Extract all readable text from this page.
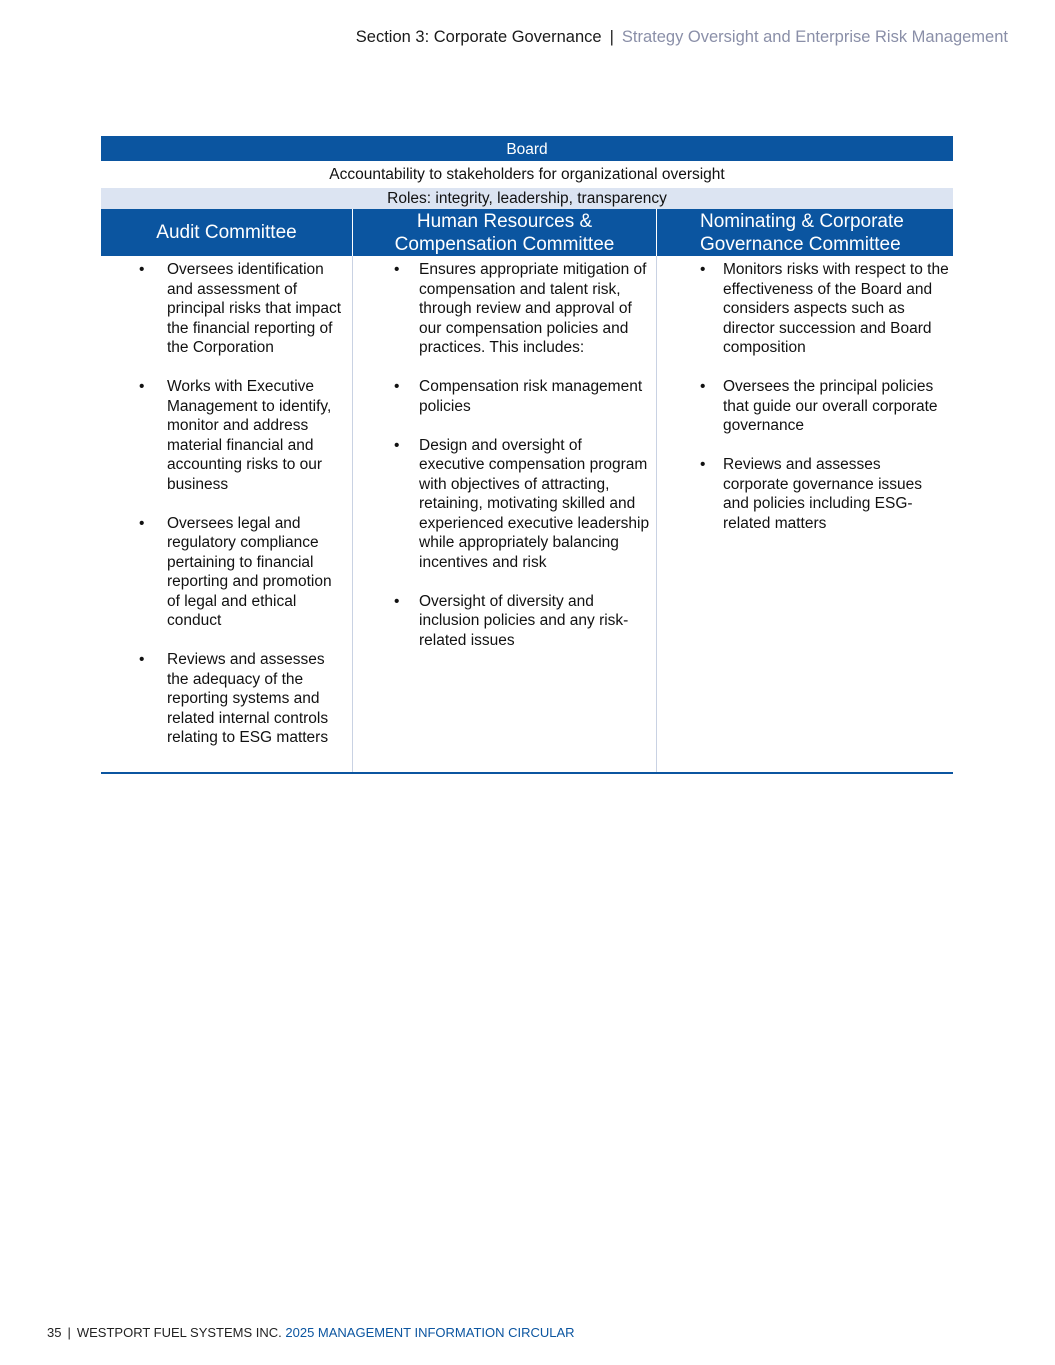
Section 3: Corporate Governance | Strategy Oversight and Enterprise Risk Management
Board
Accountability to stakeholders for organizational oversight
Roles: integrity, leadership, transparency
Audit Committee
Human Resources & Compensation Committee
Nominating & Corporate Governance Committee
• Oversees identification and assessment of principal risks that impact the financial reporting of the Corporation
• Works with Executive Management to identify, monitor and address material financial and accounting risks to our business
• Oversees legal and regulatory compliance pertaining to financial reporting and promotion of legal and ethical conduct
• Reviews and assesses the adequacy of the reporting systems and related internal controls relating to ESG matters
• Ensures appropriate mitigation of compensation and talent risk, through review and approval of our compensation policies and practices. This includes:
• Compensation risk management policies
• Design and oversight of executive compensation program with objectives of attracting, retaining, motivating skilled and experienced executive leadership while appropriately balancing incentives and risk
• Oversight of diversity and inclusion policies and any risk-related issues
• Monitors risks with respect to the effectiveness of the Board and considers aspects such as director succession and Board composition
• Oversees the principal policies that guide our overall corporate governance
• Reviews and assesses corporate governance issues and policies including ESG-related matters
35 | WESTPORT FUEL SYSTEMS INC. 2025 MANAGEMENT INFORMATION CIRCULAR
